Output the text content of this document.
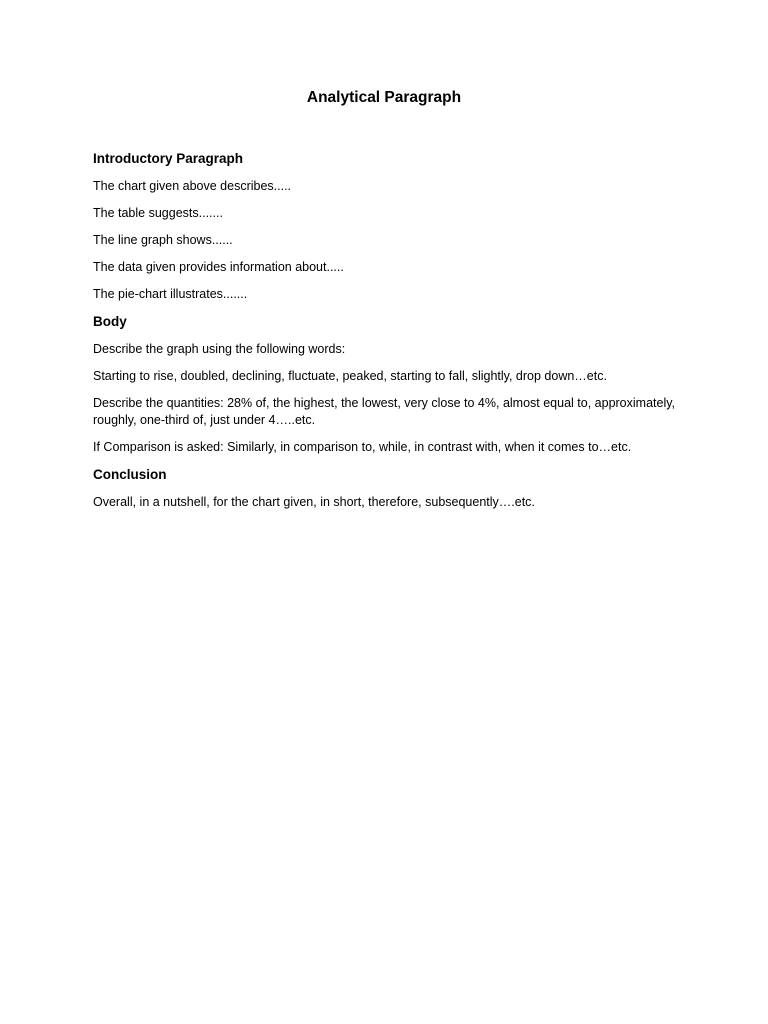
Analytical Paragraph
Introductory Paragraph

The chart given above describes.....

The table suggests.......

The line graph shows......

The data given provides information about.....

The pie-chart illustrates.......

Body

Describe the graph using the following words:

Starting to rise, doubled, declining, fluctuate, peaked, starting to fall, slightly, drop down…etc.

Describe the quantities: 28% of, the highest, the lowest, very close to 4%, almost equal to, approximately, roughly, one-third of, just under 4…..etc.

If Comparison is asked: Similarly, in comparison to, while, in contrast with, when it comes to…etc.

Conclusion

Overall, in a nutshell, for the chart given, in short, therefore, subsequently….etc.
